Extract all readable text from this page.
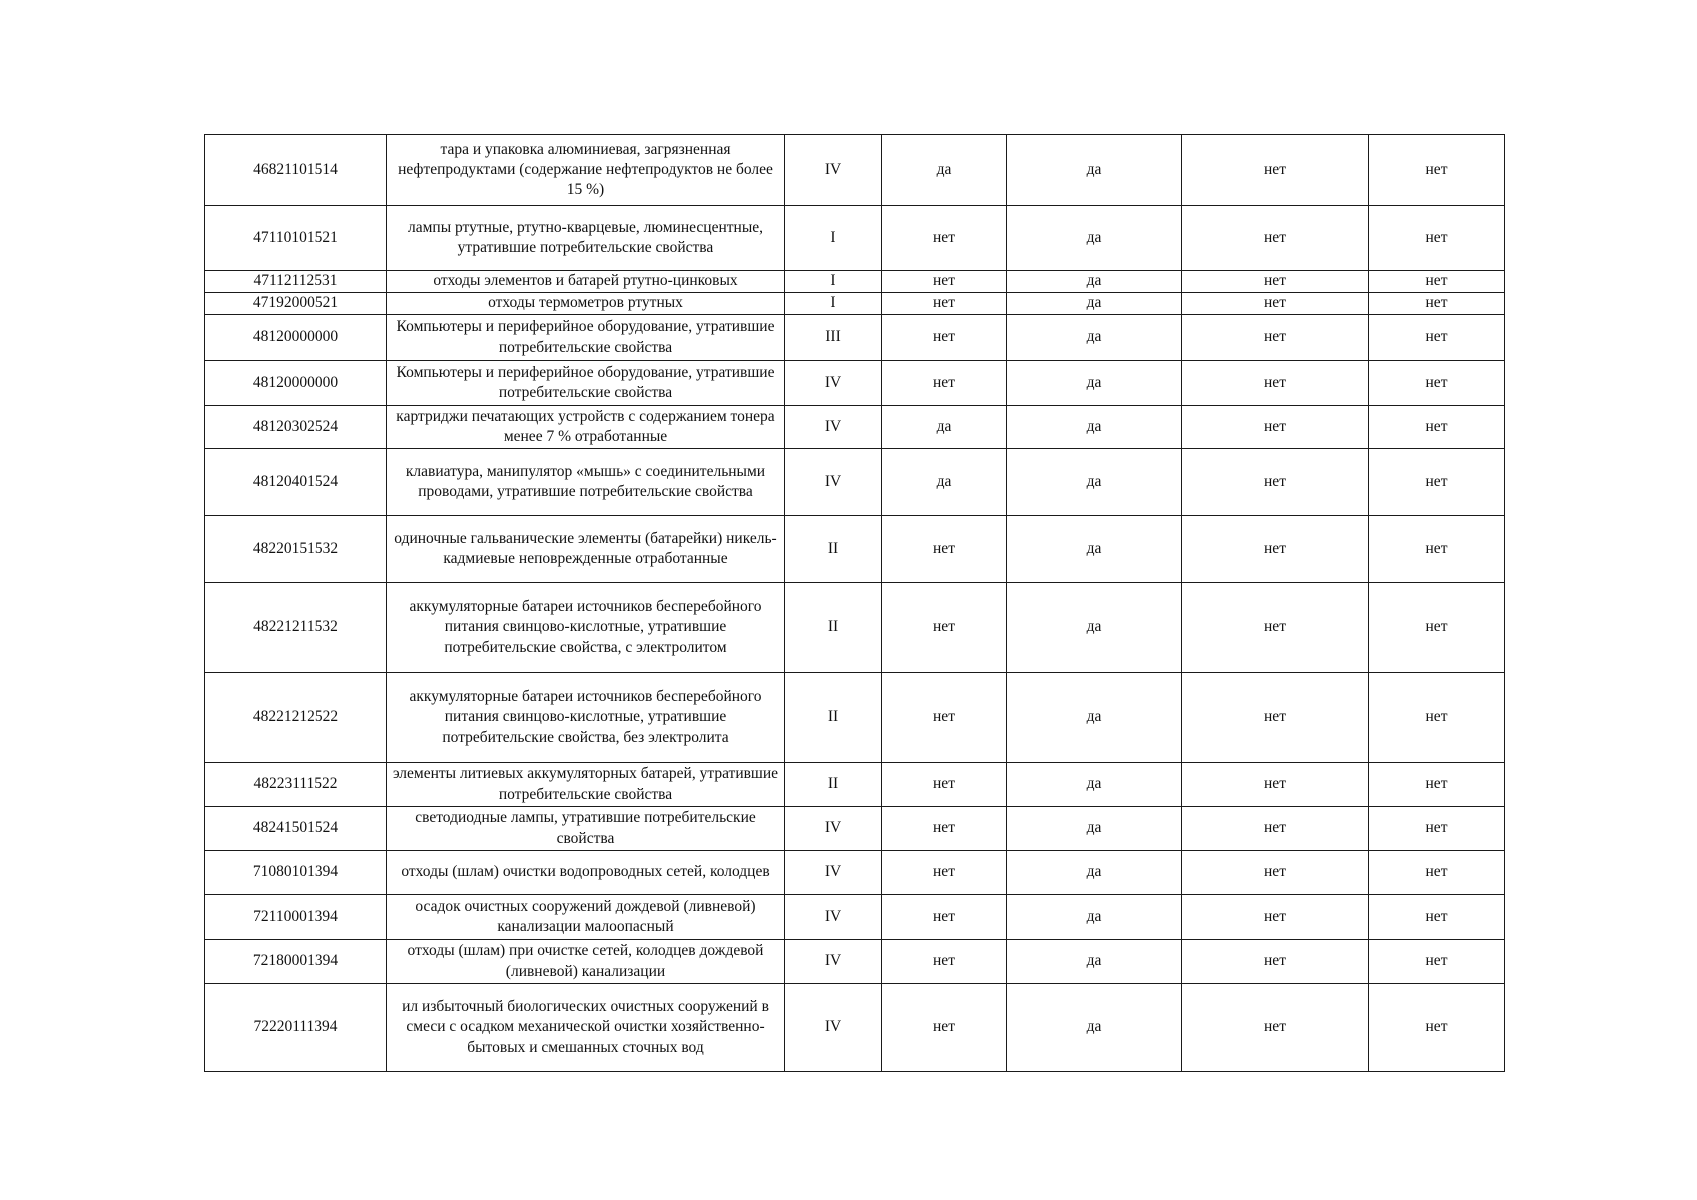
46821101514	тара и упаковка алюминиевая, загрязненная нефтепродуктами (содержание нефтепродуктов не более 15 %)	IV	да	да	нет	нет
47110101521	лампы ртутные, ртутно-кварцевые, люминесцентные, утратившие потребительские свойства	I	нет	да	нет	нет
47112112531	отходы элементов и батарей ртутно-цинковых	I	нет	да	нет	нет
47192000521	отходы термометров ртутных	I	нет	да	нет	нет
48120000000	Компьютеры и периферийное оборудование, утратившие потребительские свойства	III	нет	да	нет	нет
48120000000	Компьютеры и периферийное оборудование, утратившие потребительские свойства	IV	нет	да	нет	нет
48120302524	картриджи печатающих устройств с содержанием тонера менее 7 % отработанные	IV	да	да	нет	нет
48120401524	клавиатура, манипулятор «мышь» с соединительными проводами, утратившие потребительские свойства	IV	да	да	нет	нет
48220151532	одиночные гальванические элементы (батарейки) никель-кадмиевые неповрежденные отработанные	II	нет	да	нет	нет
48221211532	аккумуляторные батареи источников бесперебойного питания свинцово-кислотные, утратившие потребительские свойства, с электролитом	II	нет	да	нет	нет
48221212522	аккумуляторные батареи источников бесперебойного питания свинцово-кислотные, утратившие потребительские свойства, без электролита	II	нет	да	нет	нет
48223111522	элементы литиевых аккумуляторных батарей, утратившие потребительские свойства	II	нет	да	нет	нет
48241501524	светодиодные лампы, утратившие потребительские свойства	IV	нет	да	нет	нет
71080101394	отходы (шлам) очистки водопроводных сетей, колодцев	IV	нет	да	нет	нет
72110001394	осадок очистных сооружений дождевой (ливневой) канализации малоопасный	IV	нет	да	нет	нет
72180001394	отходы (шлам) при очистке сетей, колодцев дождевой (ливневой) канализации	IV	нет	да	нет	нет
72220111394	ил избыточный биологических очистных сооружений в смеси с осадком механической очистки хозяйственно-бытовых и смешанных сточных вод	IV	нет	да	нет	нет
